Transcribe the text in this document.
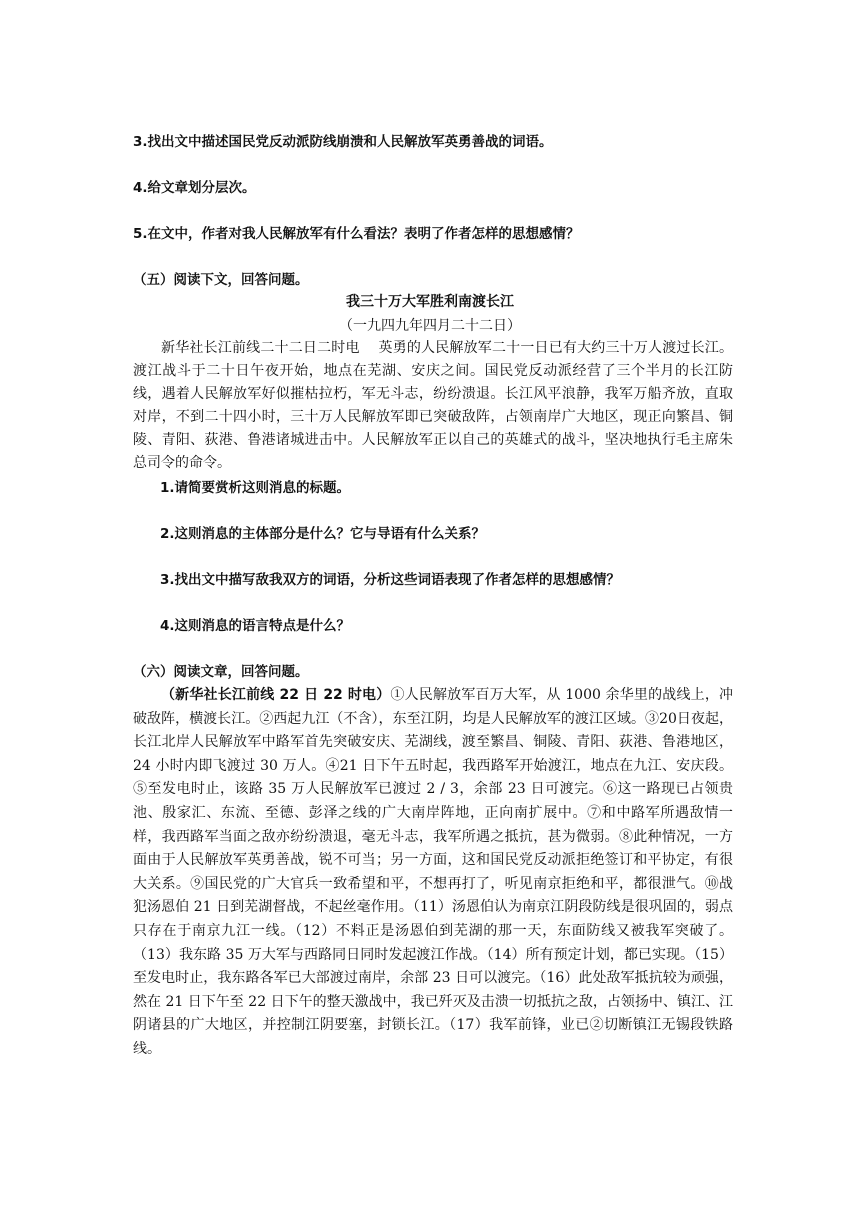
3.找出文中描述国民党反动派防线崩溃和人民解放军英勇善战的词语。
4.给文章划分层次。
5.在文中，作者对我人民解放军有什么看法？表明了作者怎样的思想感情？
（五）阅读下文，回答问题。
我三十万大军胜利南渡长江
（一九四九年四月二十二日）
新华社长江前线二十二日二时电　 英勇的人民解放军二十一日已有大约三十万人渡过长江。渡江战斗于二十日午夜开始，地点在芜湖、安庆之间。国民党反动派经营了三个半月的长江防线，遇着人民解放军好似摧枯拉朽，军无斗志，纷纷溃退。长江风平浪静，我军万船齐放，直取对岸，不到二十四小时，三十万人民解放军即已突破敌阵，占领南岸广大地区，现正向繁昌、铜陵、青阳、荻港、鲁港诸城进击中。人民解放军正以自己的英雄式的战斗，坚决地执行毛主席朱总司令的命令。
1.请简要赏析这则消息的标题。
2.这则消息的主体部分是什么？它与导语有什么关系？
3.找出文中描写敌我双方的词语，分析这些词语表现了作者怎样的思想感情？
4.这则消息的语言特点是什么？
（六）阅读文章，回答问题。
（新华社长江前线 22 日 22 时电）①人民解放军百万大军，从 1000 余华里的战线上，冲破敌阵，横渡长江。②西起九江（不含），东至江阴，均是人民解放军的渡江区域。③20日夜起，长江北岸人民解放军中路军首先突破安庆、芜湖线，渡至繁昌、铜陵、青阳、荻港、鲁港地区，24 小时内即飞渡过 30 万人。④21 日下午五时起，我西路军开始渡江，地点在九江、安庆段。⑤至发电时止，该路 35 万人民解放军已渡过 2 / 3，余部 23 日可渡完。⑥这一路现已占领贵池、殷家汇、东流、至德、彭泽之线的广大南岸阵地，正向南扩展中。⑦和中路军所遇敌情一样，我西路军当面之敌亦纷纷溃退，毫无斗志，我军所遇之抵抗，甚为微弱。⑧此种情况，一方面由于人民解放军英勇善战，锐不可当；另一方面，这和国民党反动派拒绝签订和平协定，有很大关系。⑨国民党的广大官兵一致希望和平，不想再打了，听见南京拒绝和平，都很泄气。⑩战犯汤恩伯 21 日到芜湖督战，不起丝毫作用。（11）汤恩伯认为南京江阴段防线是很巩固的，弱点只存在于南京九江一线。（12）不料正是汤恩伯到芜湖的那一天，东面防线又被我军突破了。（13）我东路 35 万大军与西路同日同时发起渡江作战。（14）所有预定计划，都已实现。（15）至发电时止，我东路各军已大部渡过南岸，余部 23 日可以渡完。（16）此处敌军抵抗较为顽强，然在 21 日下午至 22 日下午的整天激战中，我已歼灭及击溃一切抵抗之敌，占领扬中、镇江、江阴诸县的广大地区，并控制江阴要塞，封锁长江。（17）我军前锋，业已②切断镇江无锡段铁路线。
